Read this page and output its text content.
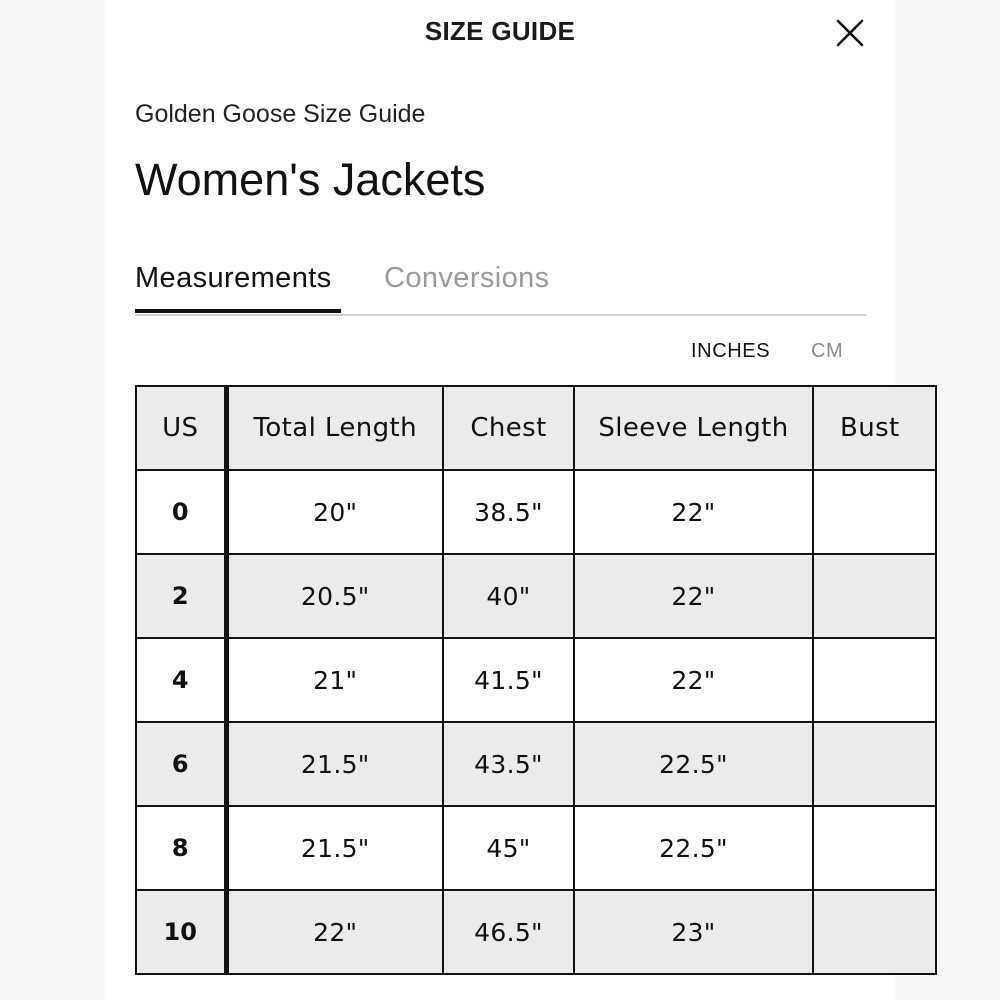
SIZE GUIDE
Golden Goose Size Guide
Women's Jackets
Measurements	Conversions
INCHES CM
US	Total Length	Chest	Sleeve Length	Bust
0	20"	38.5"	22"	
2	20.5"	40"	22"	
4	21"	41.5"	22"	
6	21.5"	43.5"	22.5"	
8	21.5"	45"	22.5"	
10	22"	46.5"	23"	
